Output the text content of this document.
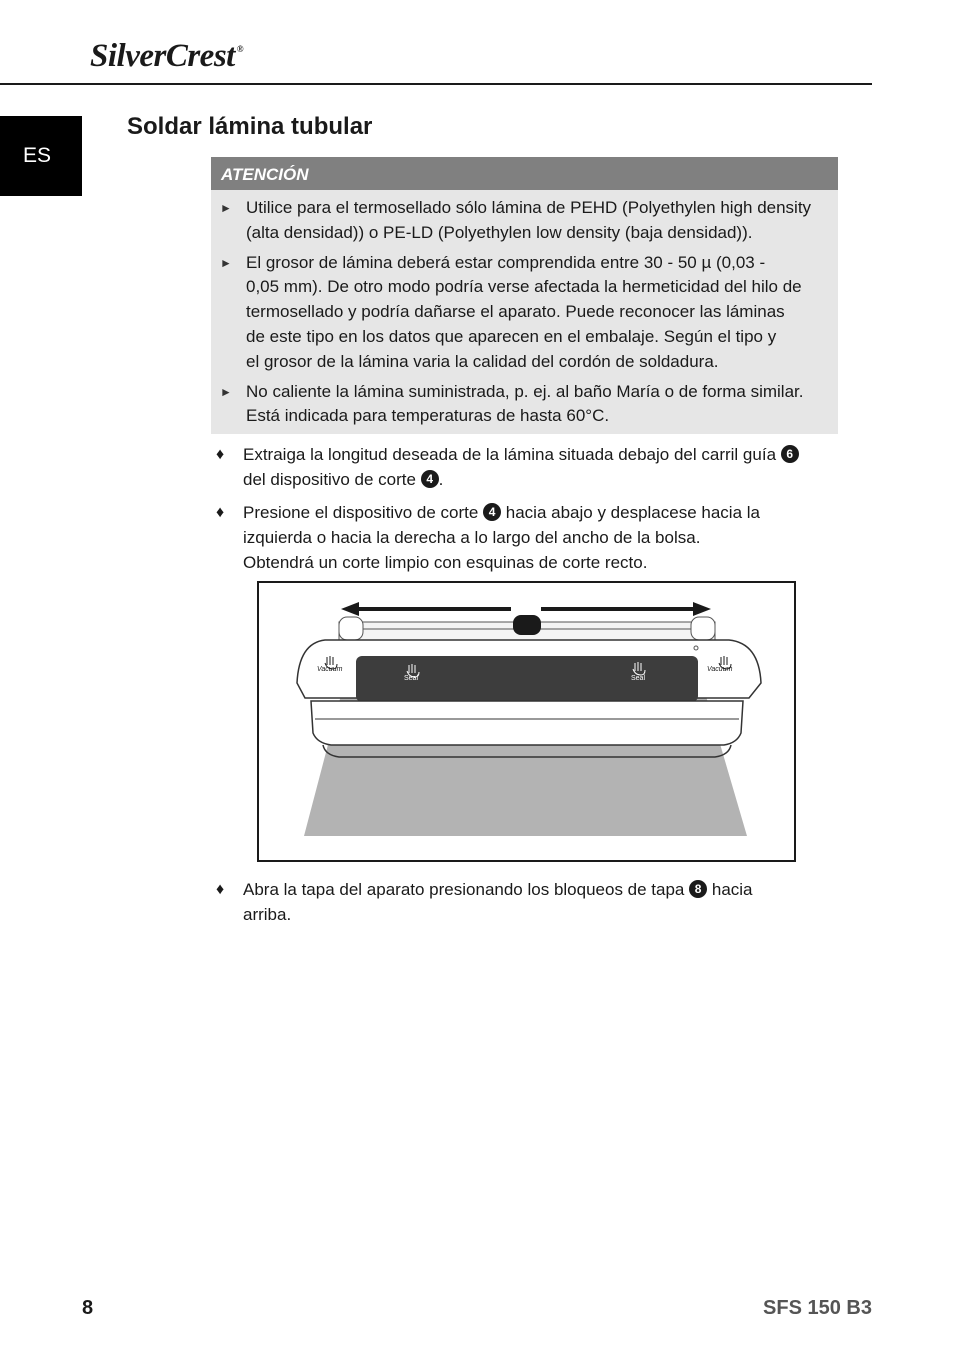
SilverCrest ®
ES
Soldar lámina tubular
ATENCIÓN
► Utilice para el termosellado sólo lámina de PEHD (Polyethylen high density
(alta densidad)) o PE-LD (Polyethylen low density (baja densidad)).
► El grosor de lámina deberá estar comprendida entre 30 - 50 µ (0,03 -
0,05 mm). De otro modo podría verse afectada la hermeticidad del hilo de
termosellado y podría dañarse el aparato. Puede reconocer las láminas
de este tipo en los datos que aparecen en el embalaje. Según el tipo y
el grosor de la lámina varia la calidad del cordón de soldadura.
► No caliente la lámina suministrada, p. ej. al baño María o de forma similar.
Está indicada para temperaturas de hasta 60°C.
♦ Extraiga la longitud deseada de la lámina situada debajo del carril guía 6
del dispositivo de corte 4 .
♦ Presione el dispositivo de corte 4 hacia abajo y desplacese hacia la
izquierda o hacia la derecha a lo largo del ancho de la bolsa.
Obtendrá un corte limpio con esquinas de corte recto.
Vacuum
Seal	Seal
Vacuum
SilverCrest
♦ Abra la tapa del aparato presionando los bloqueos de tapa 8 hacia
arriba.
8	SFS 150 B3
